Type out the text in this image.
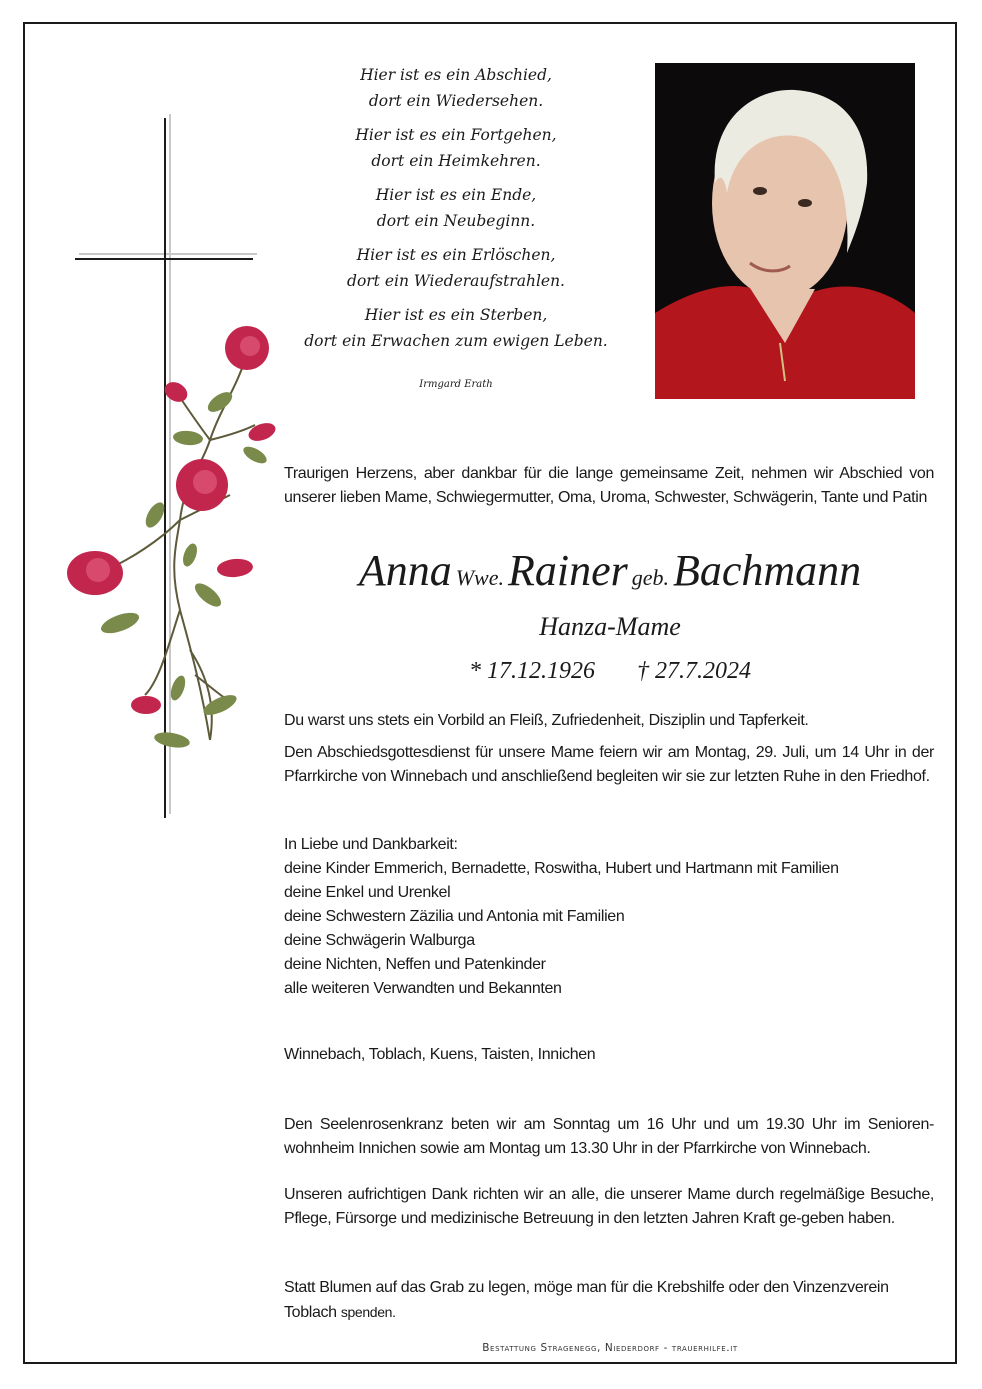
Hier ist es ein Abschied,
dort ein Wiedersehen.
Hier ist es ein Fortgehen,
dort ein Heimkehren.
Hier ist es ein Ende,
dort ein Neubeginn.
Hier ist es ein Erlöschen,
dort ein Wiederaufstrahlen.
Hier ist es ein Sterben,
dort ein Erwachen zum ewigen Leben.
Irmgard Erath
Traurigen Herzens, aber dankbar für die lange gemeinsame Zeit, nehmen wir Abschied von unserer lieben Mame, Schwiegermutter, Oma, Uroma, Schwester, Schwägerin, Tante und Patin
Anna Wwe. Rainer geb. Bachmann
Hanza-Mame
* 17.12.1926 † 27.7.2024
Du warst uns stets ein Vorbild an Fleiß, Zufriedenheit, Disziplin und Tapferkeit.
Den Abschiedsgottesdienst für unsere Mame feiern wir am Montag, 29. Juli, um 14 Uhr in der Pfarrkirche von Winnebach und anschließend begleiten wir sie zur letzten Ruhe in den Friedhof.
In Liebe und Dankbarkeit:
deine Kinder Emmerich, Bernadette, Roswitha, Hubert und Hartmann mit Familien
deine Enkel und Urenkel
deine Schwestern Zäzilia und Antonia mit Familien
deine Schwägerin Walburga
deine Nichten, Neffen und Patenkinder
alle weiteren Verwandten und Bekannten
Winnebach, Toblach, Kuens, Taisten, Innichen
Den Seelenrosenkranz beten wir am Sonntag um 16 Uhr und um 19.30 Uhr im Senioren-wohnheim Innichen sowie am Montag um 13.30 Uhr in der Pfarrkirche von Winnebach.
Unseren aufrichtigen Dank richten wir an alle, die unserer Mame durch regelmäßige Besuche, Pflege, Fürsorge und medizinische Betreuung in den letzten Jahren Kraft ge-geben haben.
Statt Blumen auf das Grab zu legen, möge man für die Krebshilfe oder den Vinzenzverein
Toblach spenden.
Bestattung Stragenegg, Niederdorf - trauerhilfe.it
